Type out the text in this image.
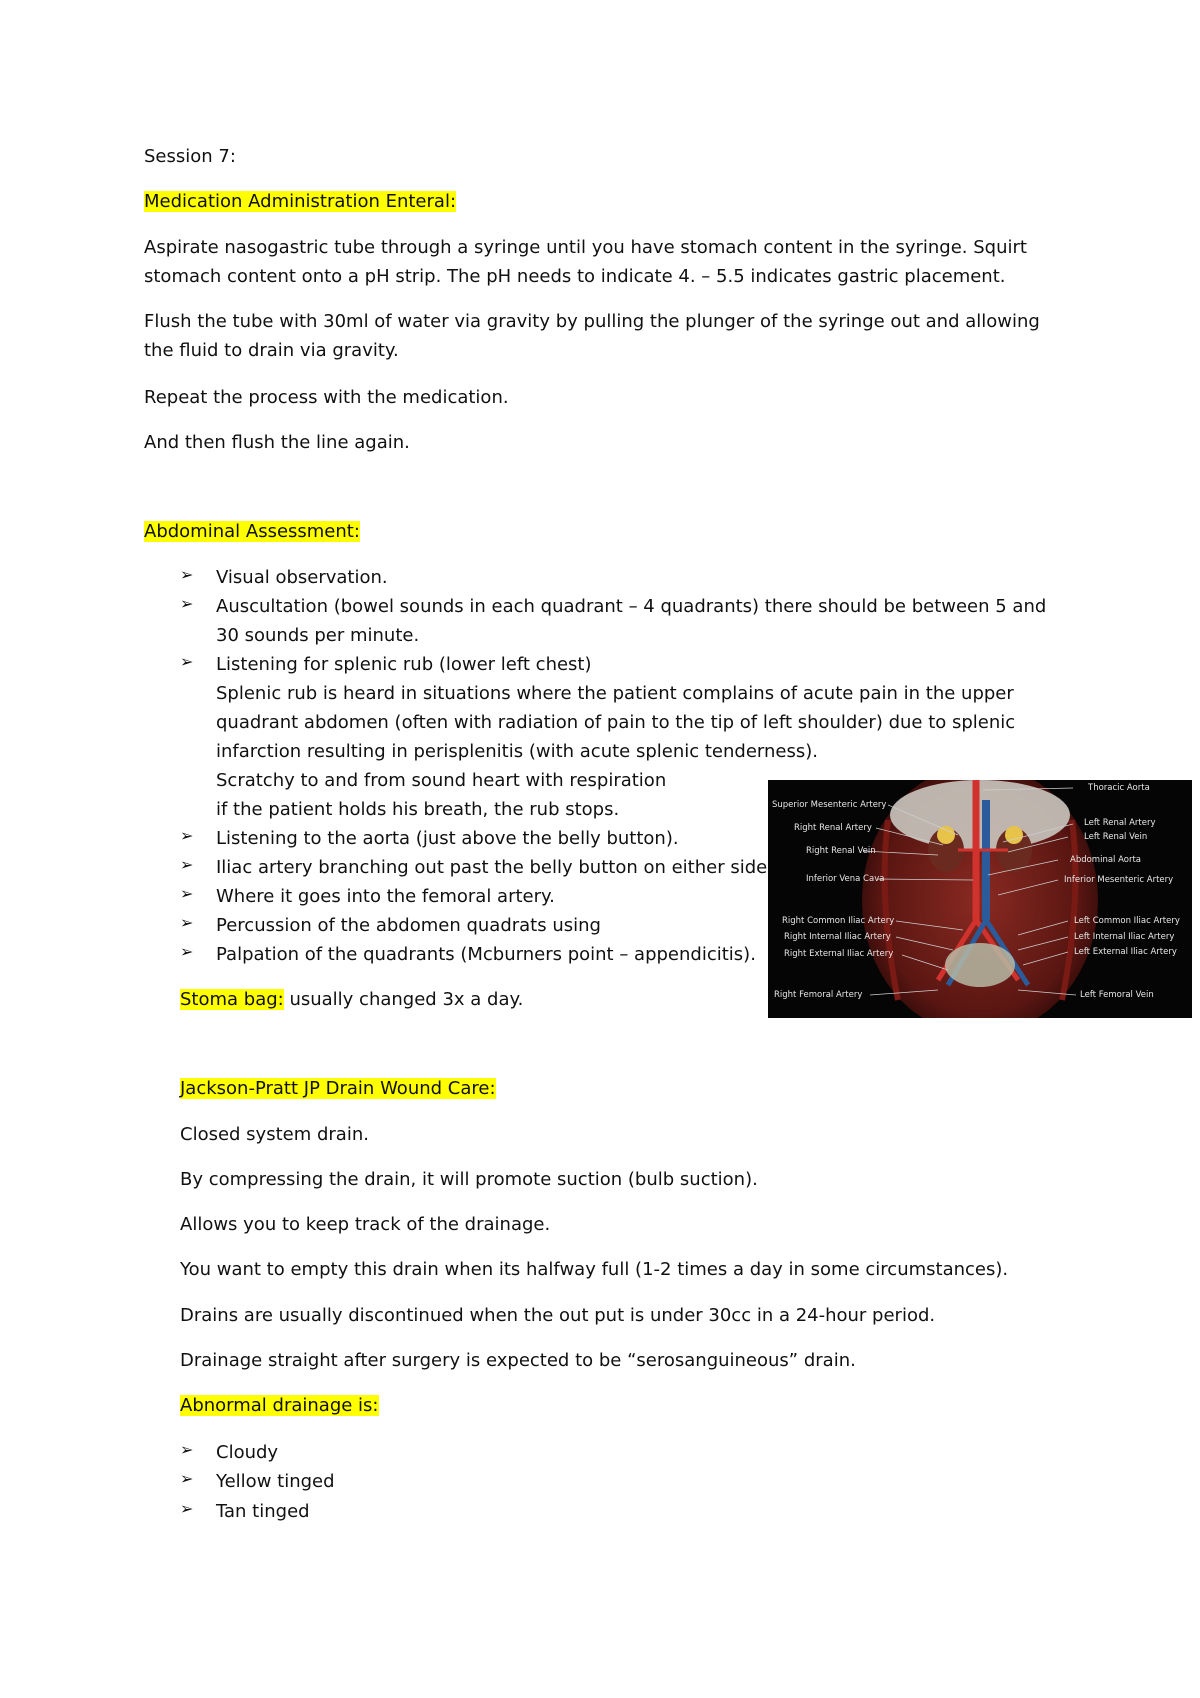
Session 7:
Medication Administration Enteral:
Aspirate nasogastric tube through a syringe until you have stomach content in the syringe. Squirt
stomach content onto a pH strip. The pH needs to indicate 4. – 5.5 indicates gastric placement.
Flush the tube with 30ml of water via gravity by pulling the plunger of the syringe out and allowing
the fluid to drain via gravity.
Repeat the process with the medication.
And then flush the line again.
Abdominal Assessment:
➢ Visual observation.
➢ Auscultation (bowel sounds in each quadrant – 4 quadrants) there should be between 5 and
30 sounds per minute.
➢ Listening for splenic rub (lower left chest)
Splenic rub is heard in situations where the patient complains of acute pain in the upper
quadrant abdomen (often with radiation of pain to the tip of left shoulder) due to splenic
infarction resulting in perisplenitis (with acute splenic tenderness).
Scratchy to and from sound heart with respiration
if the patient holds his breath, the rub stops.
➢ Listening to the aorta (just above the belly button).
➢ Iliac artery branching out past the belly button on either side
➢ Where it goes into the femoral artery.
➢ Percussion of the abdomen quadrats using
➢ Palpation of the quadrants (Mcburners point – appendicitis).
Stoma bag: usually changed 3x a day.
Superior Mesenteric Artery
Right Renal Artery
Right Renal Vein
Inferior Vena Cava
Right Common Iliac Artery
Right Internal Iliac Artery
Right External Iliac Artery
Right Femoral Artery
Thoracic Aorta
Left Renal Artery
Left Renal Vein
Abdominal Aorta
Inferior Mesenteric Artery
Left Common Iliac Artery
Left Internal Iliac Artery
Left External Iliac Artery
Left Femoral Vein
Jackson-Pratt JP Drain Wound Care:
Closed system drain.
By compressing the drain, it will promote suction (bulb suction).
Allows you to keep track of the drainage.
You want to empty this drain when its halfway full (1-2 times a day in some circumstances).
Drains are usually discontinued when the out put is under 30cc in a 24-hour period.
Drainage straight after surgery is expected to be “serosanguineous” drain.
Abnormal drainage is:
➢ Cloudy
➢ Yellow tinged
➢ Tan tinged
